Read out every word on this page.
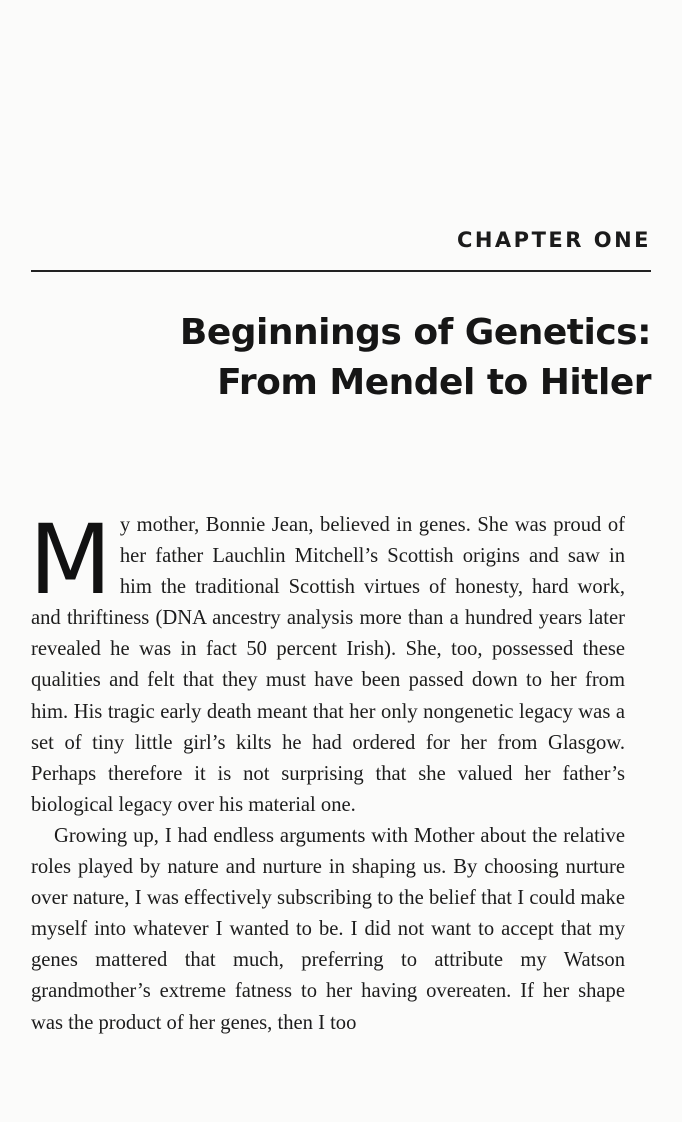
CHAPTER ONE
Beginnings of Genetics:
From Mendel to Hitler

My mother, Bonnie Jean, believed in genes. She was proud of her father Lauchlin Mitchell’s Scottish origins and saw in him the traditional Scottish virtues of honesty, hard work, and thriftiness (DNA ancestry analysis more than a hundred years later revealed he was in fact 50 percent Irish). She, too, possessed these qualities and felt that they must have been passed down to her from him. His tragic early death meant that her only nongenetic legacy was a set of tiny little girl’s kilts he had ordered for her from Glasgow. Perhaps therefore it is not surprising that she valued her father’s biological legacy over his material one.

Growing up, I had endless arguments with Mother about the relative roles played by nature and nurture in shaping us. By choosing nurture over nature, I was effectively subscribing to the belief that I could make myself into whatever I wanted to be. I did not want to accept that my genes mattered that much, preferring to attribute my Watson grandmother’s extreme fatness to her having overeaten. If her shape was the product of her genes, then I too
